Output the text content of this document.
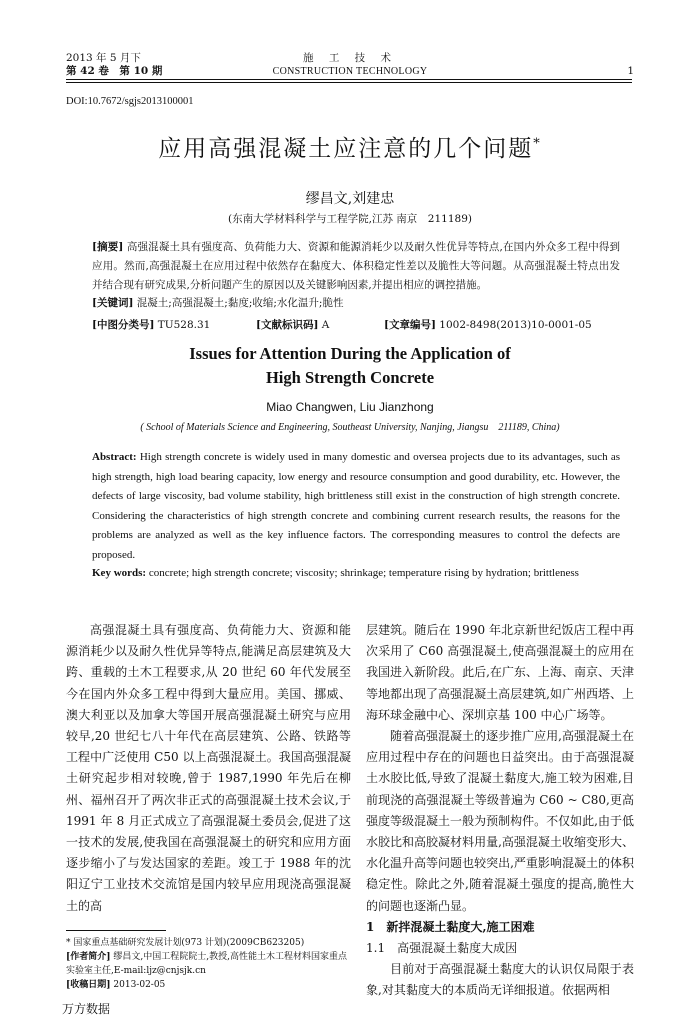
2013 年 5 月下
第 42 卷　第 10 期
施 工 技 术
CONSTRUCTION TECHNOLOGY	1
DOI:10.7672/sgjs2013100001
应用高强混凝土应注意的几个问题*
缪昌文,刘建忠
(东南大学材料科学与工程学院,江苏 南京　211189)
[摘要] 高强混凝土具有强度高、负荷能力大、资源和能源消耗少以及耐久性优异等特点,在国内外众多工程中得到应用。然而,高强混凝土在应用过程中依然存在黏度大、体积稳定性差以及脆性大等问题。从高强混凝土特点出发并结合现有研究成果,分析问题产生的原因以及关键影响因素,并提出相应的调控措施。
[关键词] 混凝土;高强混凝土;黏度;收缩;水化温升;脆性
[中图分类号] TU528.31	[文献标识码] A	[文章编号] 1002-8498(2013)10-0001-05
Issues for Attention During the Application of
High Strength Concrete
Miao Changwen, Liu Jianzhong
( School of Materials Science and Engineering, Southeast University, Nanjing, Jiangsu　211189, China)
Abstract: High strength concrete is widely used in many domestic and oversea projects due to its advantages, such as high strength, high load bearing capacity, low energy and resource consumption and good durability, etc. However, the defects of large viscosity, bad volume stability, high brittleness still exist in the construction of high strength concrete. Considering the characteristics of high strength concrete and combining current research results, the reasons for the problems are analyzed as well as the key influence factors. The corresponding measures to control the defects are proposed.
Key words: concrete; high strength concrete; viscosity; shrinkage; temperature rising by hydration; brittleness

高强混凝土具有强度高、负荷能力大、资源和能源消耗少以及耐久性优异等特点,能满足高层建筑及大跨、重载的土木工程要求,从 20 世纪 60 年代发展至今在国内外众多工程中得到大量应用。美国、挪威、澳大利亚以及加拿大等国开展高强混凝土研究与应用较早,20 世纪七八十年代在高层建筑、公路、铁路等工程中广泛使用 C50 以上高强混凝土。我国高强混凝土研究起步相对较晚,曾于 1987,1990 年先后在柳州、福州召开了两次非正式的高强混凝土技术会议,于 1991 年 8 月正式成立了高强混凝土委员会,促进了这一技术的发展,使我国在高强混凝土的研究和应用方面逐步缩小了与发达国家的差距。竣工于 1988 年的沈阳辽宁工业技术交流馆是国内较早应用现浇高强混凝土的高

层建筑。随后在 1990 年北京新世纪饭店工程中再次采用了 C60 高强混凝土,使高强混凝土的应用在我国进入新阶段。此后,在广东、上海、南京、天津等地都出现了高强混凝土高层建筑,如广州西塔、上海环球金融中心、深圳京基 100 中心广场等。

随着高强混凝土的逐步推广应用,高强混凝土在应用过程中存在的问题也日益突出。由于高强混凝土水胶比低,导致了混凝土黏度大,施工较为困难,目前现浇的高强混凝土等级普遍为 C60 ~ C80,更高强度等级混凝土一般为预制构件。不仅如此,由于低水胶比和高胶凝材料用量,高强混凝土收缩变形大、水化温升高等问题也较突出,严重影响混凝土的体积稳定性。除此之外,随着混凝土强度的提高,脆性大的问题也逐渐凸显。

1　新拌混凝土黏度大,施工困难
1.1　高强混凝土黏度大成因

目前对于高强混凝土黏度大的认识仅局限于表象,对其黏度大的本质尚无详细报道。依据两相

* 国家重点基础研究发展计划(973 计划)(2009CB623205)
[作者简介] 缪昌文,中国工程院院士,教授,高性能土木工程材料国家重点实验室主任,E-mail:ljz@cnjsjk.cn
[收稿日期] 2013-02-05
万方数据
